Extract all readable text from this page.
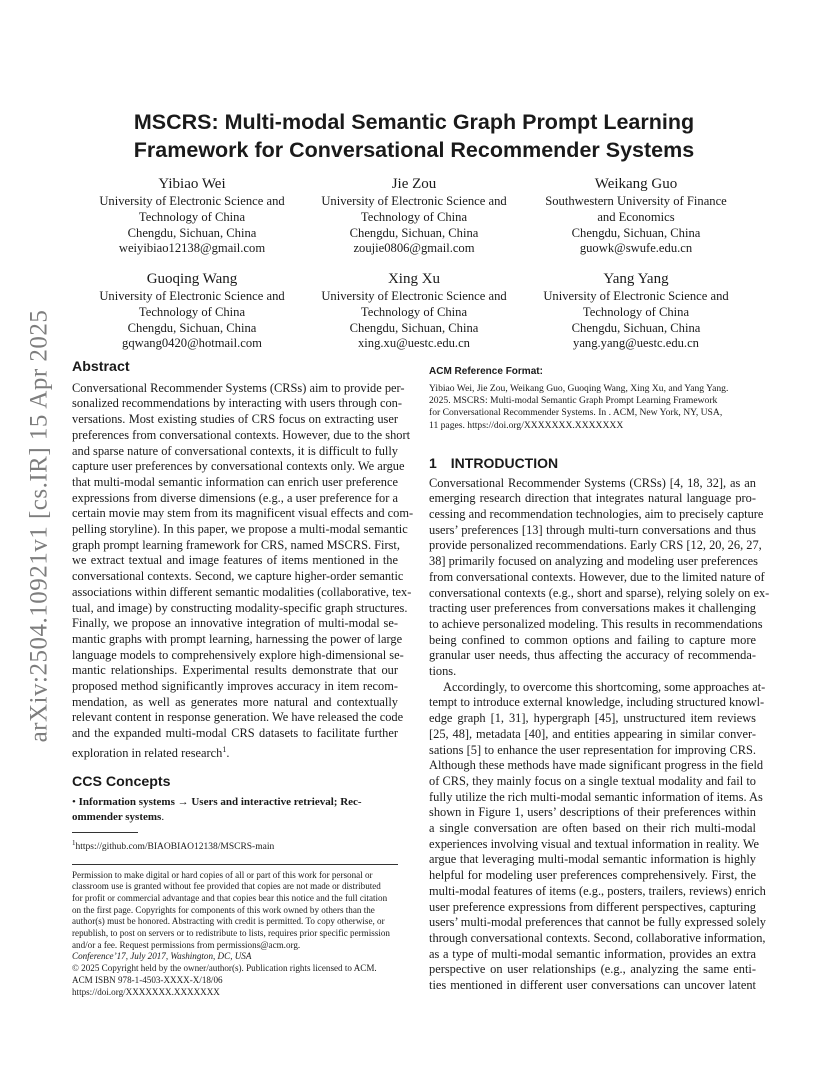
arXiv:2504.10921v1 [cs.IR] 15 Apr 2025
MSCRS: Multi-modal Semantic Graph Prompt Learning
Framework for Conversational Recommender Systems
Yibiao Wei
University of Electronic Science and
Technology of China
Chengdu, Sichuan, China
weiyibiao12138@gmail.com
Jie Zou
University of Electronic Science and
Technology of China
Chengdu, Sichuan, China
zoujie0806@gmail.com
Weikang Guo
Southwestern University of Finance
and Economics
Chengdu, Sichuan, China
guowk@swufe.edu.cn
Guoqing Wang
University of Electronic Science and
Technology of China
Chengdu, Sichuan, China
gqwang0420@hotmail.com
Xing Xu
University of Electronic Science and
Technology of China
Chengdu, Sichuan, China
xing.xu@uestc.edu.cn
Yang Yang
University of Electronic Science and
Technology of China
Chengdu, Sichuan, China
yang.yang@uestc.edu.cn
Abstract
Conversational Recommender Systems (CRSs) aim to provide per-
sonalized recommendations by interacting with users through con-
versations. Most existing studies of CRS focus on extracting user
preferences from conversational contexts. However, due to the short
and sparse nature of conversational contexts, it is difficult to fully
capture user preferences by conversational contexts only. We argue
that multi-modal semantic information can enrich user preference
expressions from diverse dimensions (e.g., a user preference for a
certain movie may stem from its magnificent visual effects and com-
pelling storyline). In this paper, we propose a multi-modal semantic
graph prompt learning framework for CRS, named MSCRS. First,
we extract textual and image features of items mentioned in the
conversational contexts. Second, we capture higher-order semantic
associations within different semantic modalities (collaborative, tex-
tual, and image) by constructing modality-specific graph structures.
Finally, we propose an innovative integration of multi-modal se-
mantic graphs with prompt learning, harnessing the power of large
language models to comprehensively explore high-dimensional se-
mantic relationships. Experimental results demonstrate that our
proposed method significantly improves accuracy in item recom-
mendation, as well as generates more natural and contextually
relevant content in response generation. We have released the code
and the expanded multi-modal CRS datasets to facilitate further
exploration in related research$^1$.
CCS Concepts
• Information systems → Users and interactive retrieval; Rec-
ommender systems.
$^1$https://github.com/BIAOBIAO12138/MSCRS-main
Permission to make digital or hard copies of all or part of this work for personal or
classroom use is granted without fee provided that copies are not made or distributed
for profit or commercial advantage and that copies bear this notice and the full citation
on the first page. Copyrights for components of this work owned by others than the
author(s) must be honored. Abstracting with credit is permitted. To copy otherwise, or
republish, to post on servers or to redistribute to lists, requires prior specific permission
and/or a fee. Request permissions from permissions@acm.org.
Conference’17, July 2017, Washington, DC, USA
© 2025 Copyright held by the owner/author(s). Publication rights licensed to ACM.
ACM ISBN 978-1-4503-XXXX-X/18/06
https://doi.org/XXXXXXX.XXXXXXX
ACM Reference Format:
Yibiao Wei, Jie Zou, Weikang Guo, Guoqing Wang, Xing Xu, and Yang Yang.
2025. MSCRS: Multi-modal Semantic Graph Prompt Learning Framework
for Conversational Recommender Systems. In . ACM, New York, NY, USA,
11 pages. https://doi.org/XXXXXXX.XXXXXXX
1 INTRODUCTION
Conversational Recommender Systems (CRSs) [4, 18, 32], as an
emerging research direction that integrates natural language pro-
cessing and recommendation technologies, aim to precisely capture
users’ preferences [13] through multi-turn conversations and thus
provide personalized recommendations. Early CRS [12, 20, 26, 27,
38] primarily focused on analyzing and modeling user preferences
from conversational contexts. However, due to the limited nature of
conversational contexts (e.g., short and sparse), relying solely on ex-
tracting user preferences from conversations makes it challenging
to achieve personalized modeling. This results in recommendations
being confined to common options and failing to capture more
granular user needs, thus affecting the accuracy of recommenda-
tions.
Accordingly, to overcome this shortcoming, some approaches at-
tempt to introduce external knowledge, including structured knowl-
edge graph [1, 31], hypergraph [45], unstructured item reviews
[25, 48], metadata [40], and entities appearing in similar conver-
sations [5] to enhance the user representation for improving CRS.
Although these methods have made significant progress in the field
of CRS, they mainly focus on a single textual modality and fail to
fully utilize the rich multi-modal semantic information of items. As
shown in Figure 1, users’ descriptions of their preferences within
a single conversation are often based on their rich multi-modal
experiences involving visual and textual information in reality. We
argue that leveraging multi-modal semantic information is highly
helpful for modeling user preferences comprehensively. First, the
multi-modal features of items (e.g., posters, trailers, reviews) enrich
user preference expressions from different perspectives, capturing
users’ multi-modal preferences that cannot be fully expressed solely
through conversational contexts. Second, collaborative information,
as a type of multi-modal semantic information, provides an extra
perspective on user relationships (e.g., analyzing the same enti-
ties mentioned in different user conversations can uncover latent
